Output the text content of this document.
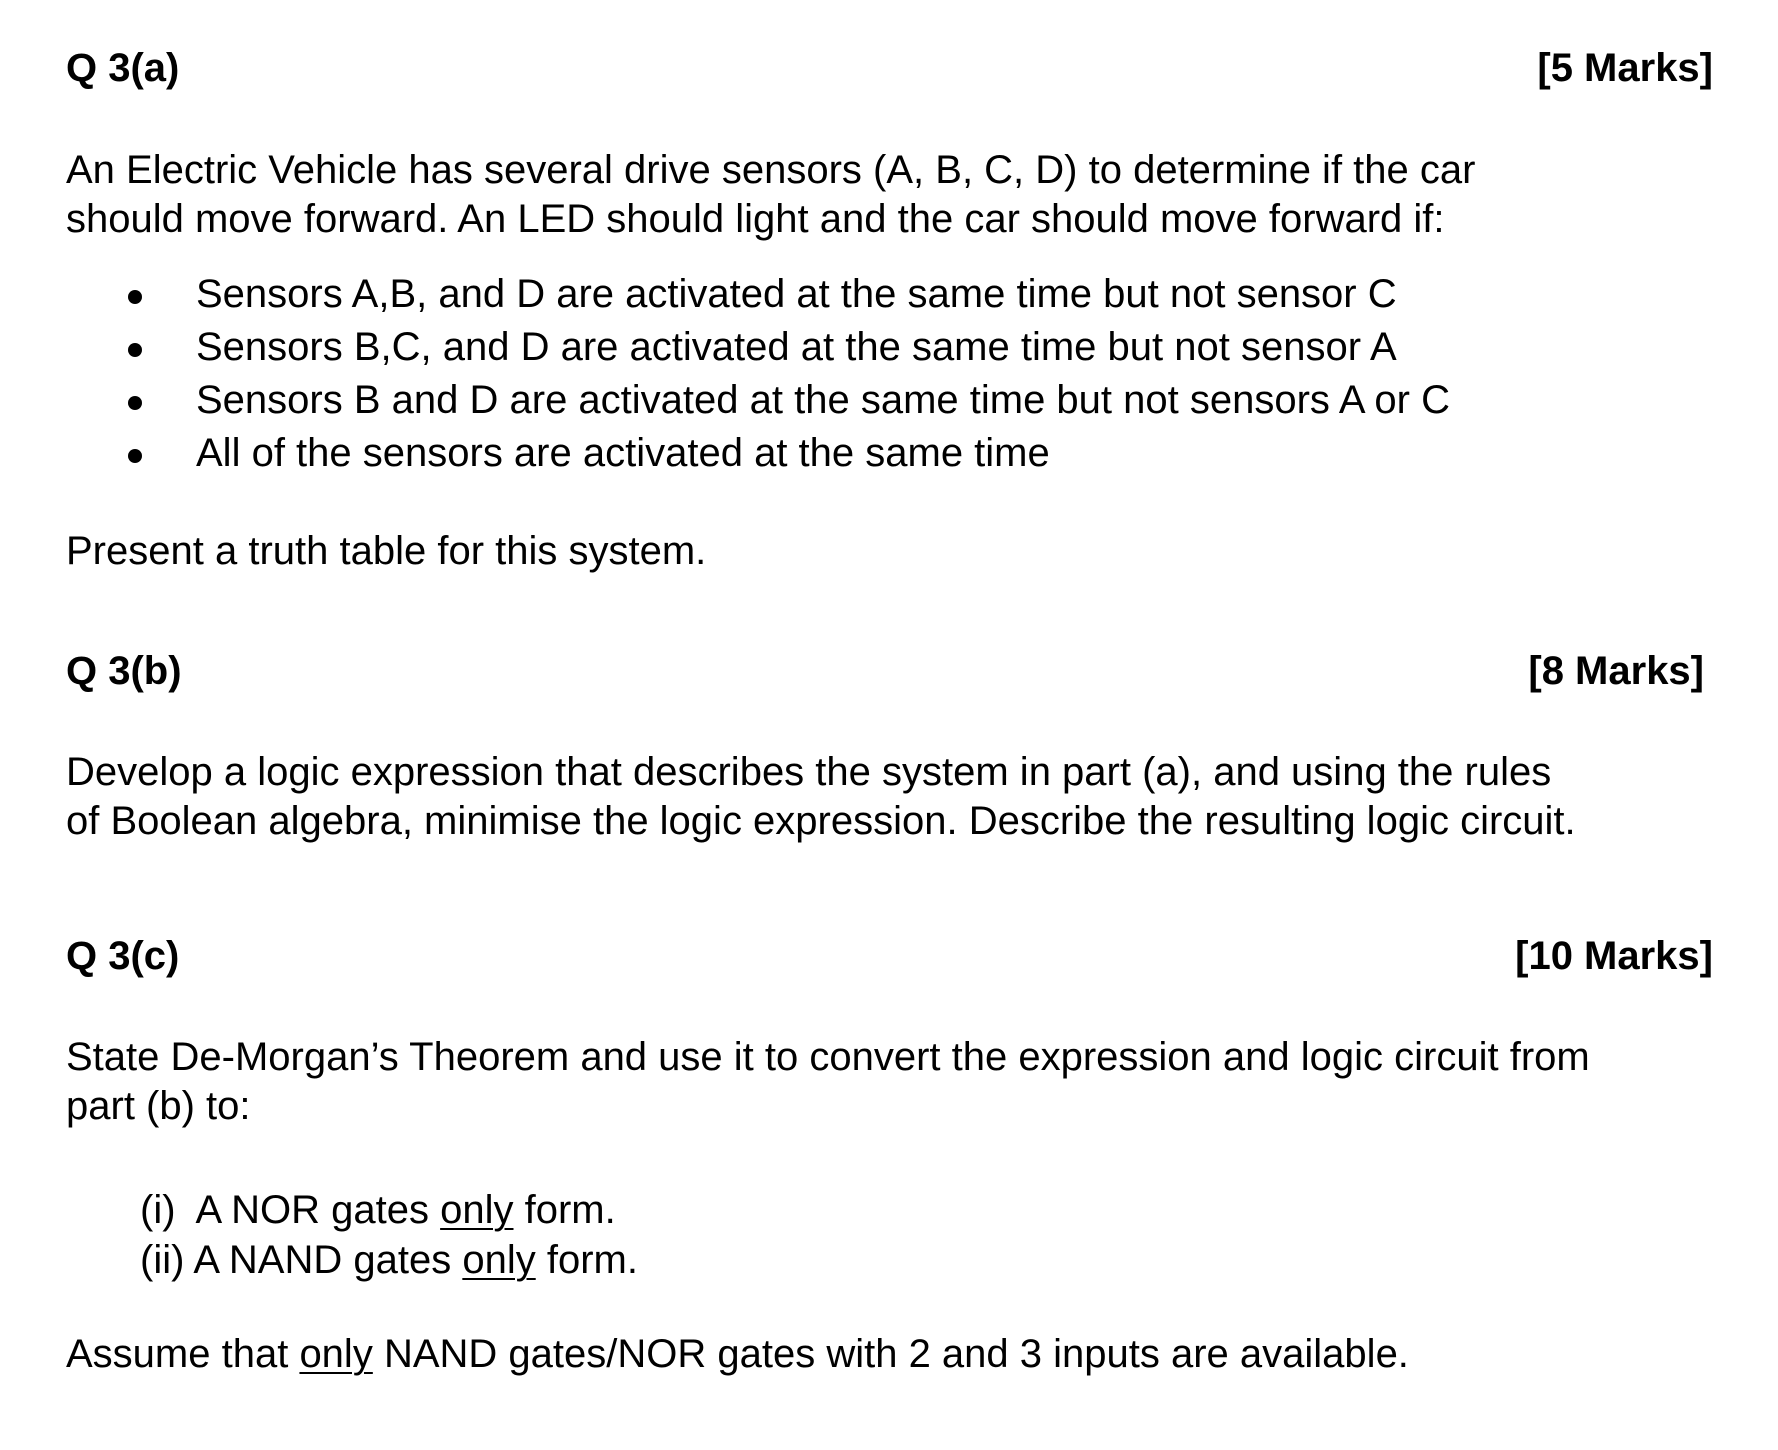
Q 3(a)	[5 Marks]
An Electric Vehicle has several drive sensors (A, B, C, D) to determine if the car
should move forward. An LED should light and the car should move forward if:
Sensors A,B, and D are activated at the same time but not sensor C
Sensors B,C, and D are activated at the same time but not sensor A
Sensors B and D are activated at the same time but not sensors A or C
All of the sensors are activated at the same time
Present a truth table for this system.
Q 3(b)	[8 Marks]
Develop a logic expression that describes the system in part (a), and using the rules
of Boolean algebra, minimise the logic expression. Describe the resulting logic circuit.
Q 3(c)	[10 Marks]
State De-Morgan’s Theorem and use it to convert the expression and logic circuit from
part (b) to:
(i)  A NOR gates only form.
(ii) A NAND gates only form.
Assume that only NAND gates/NOR gates with 2 and 3 inputs are available.
